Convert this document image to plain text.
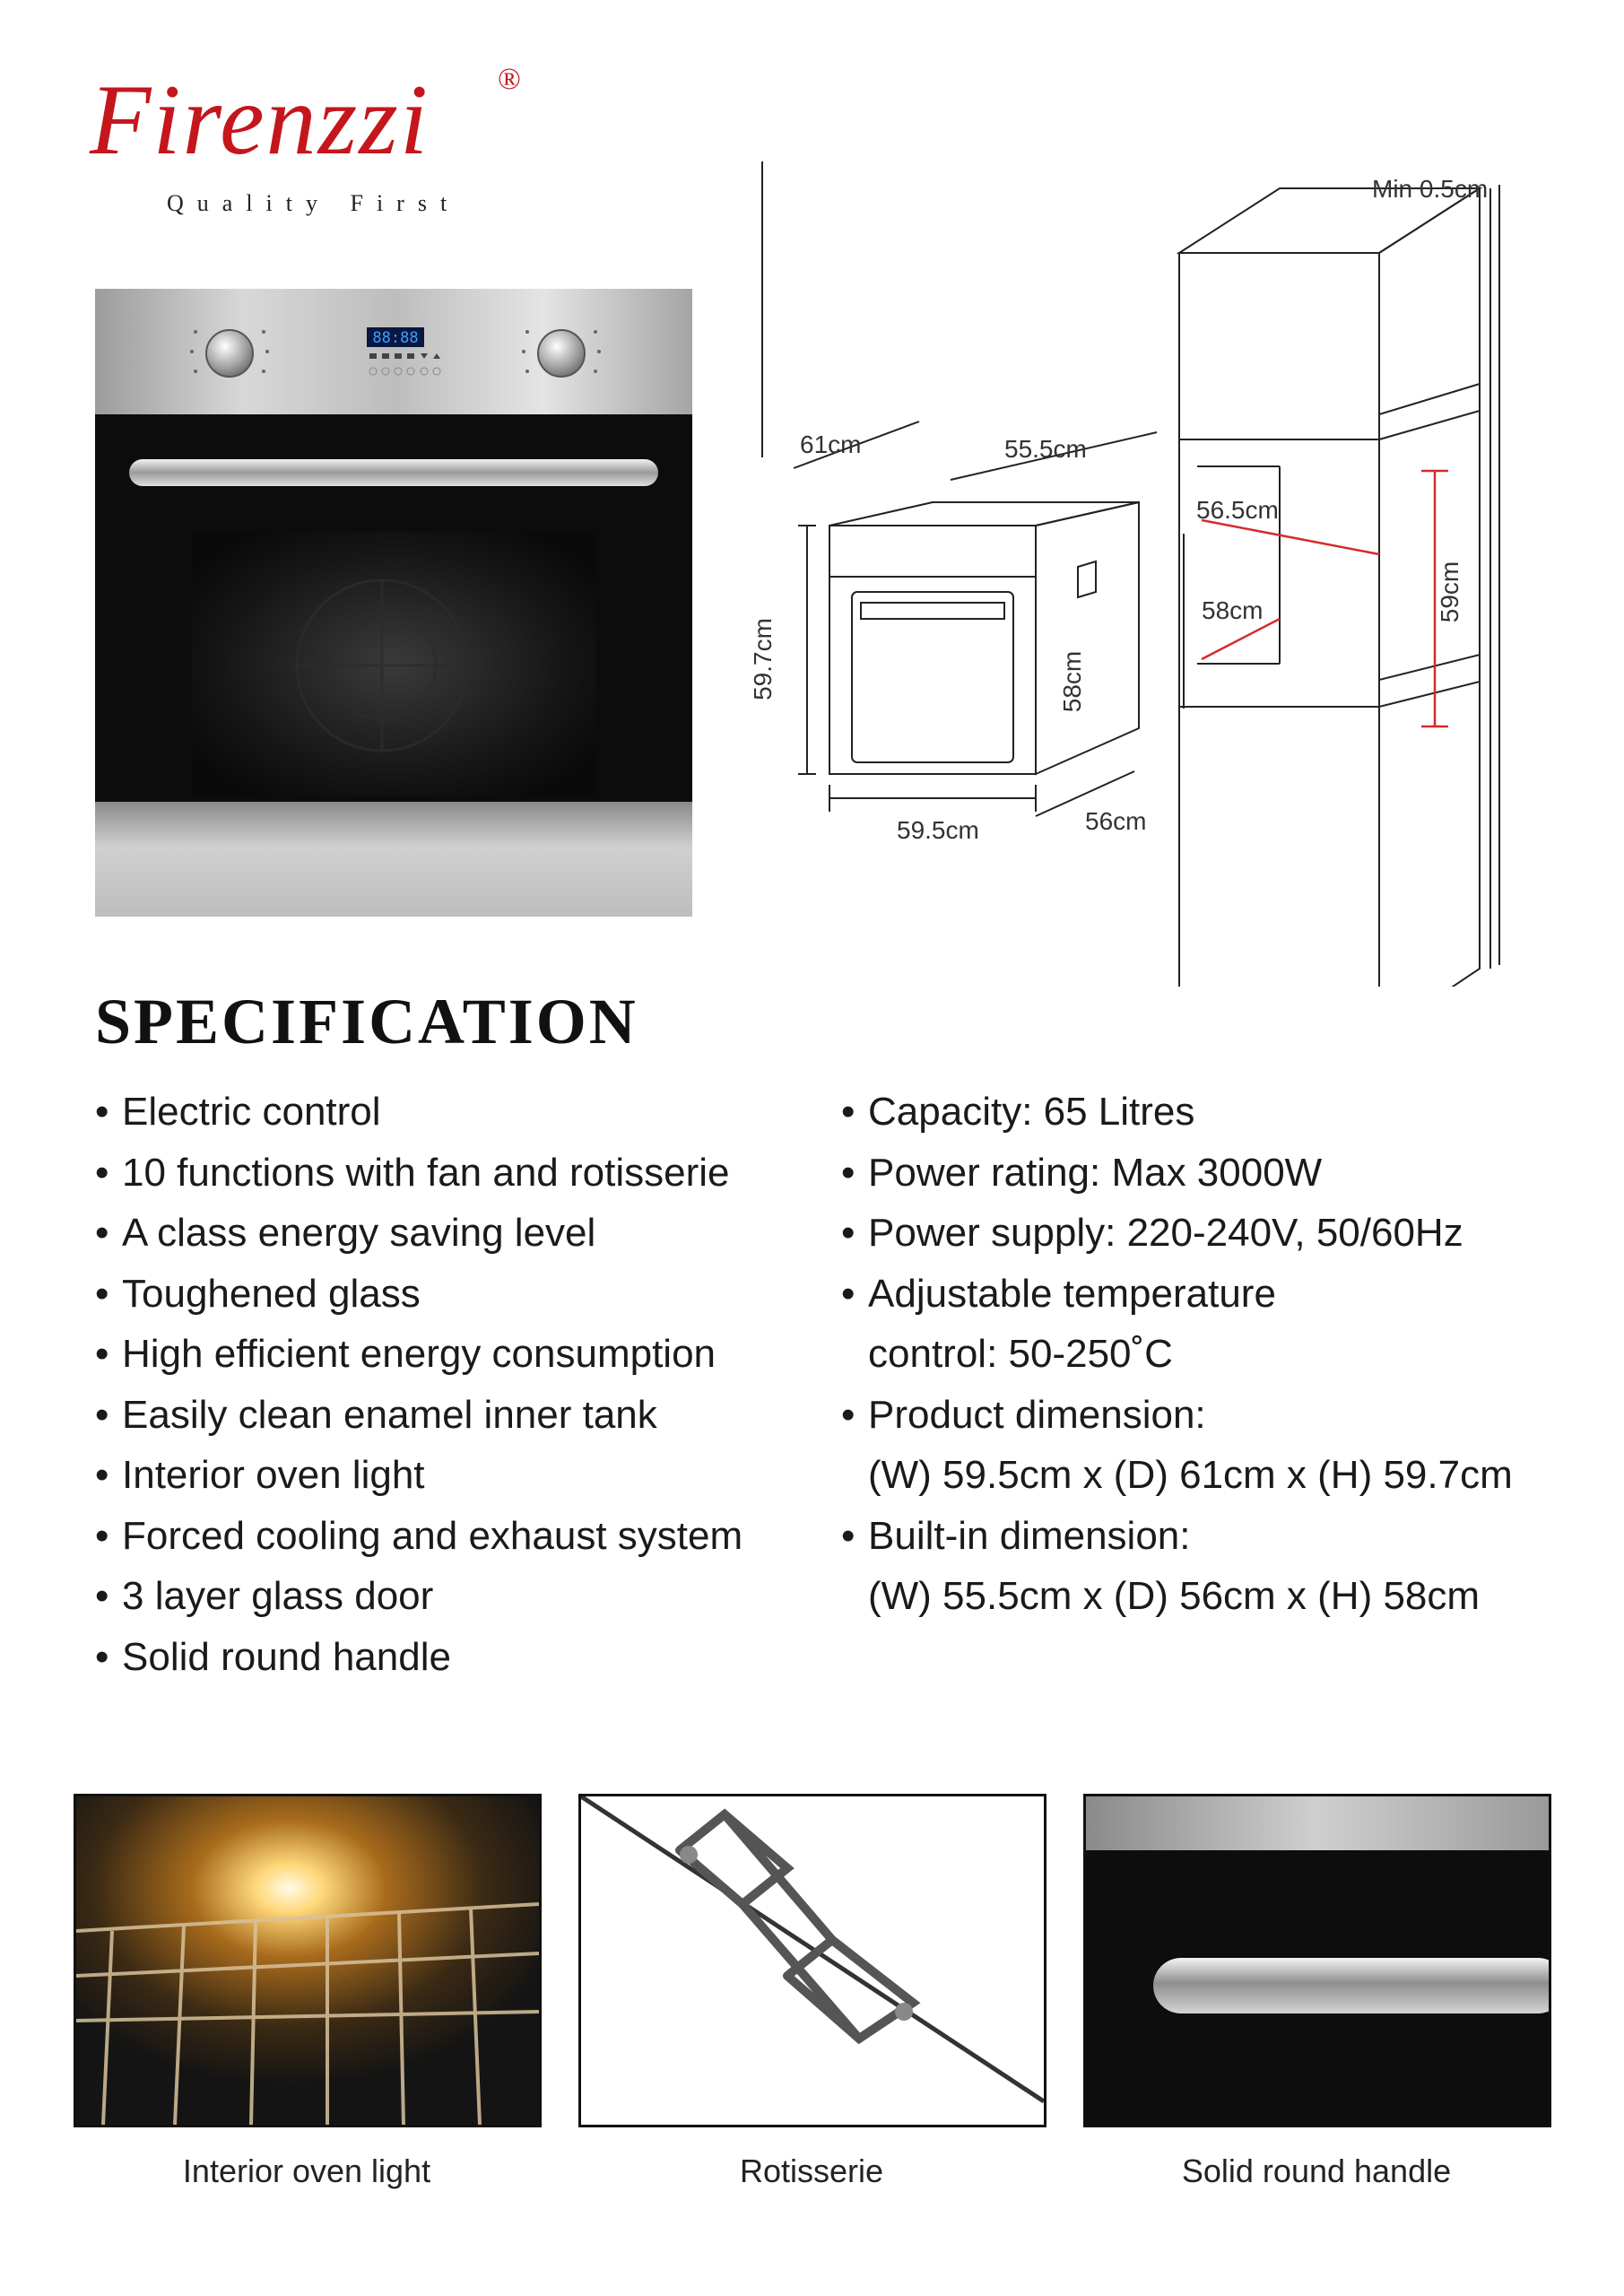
Firenzzi ®
Quality First
88:88
Min 0.5cm
61cm	55.5cm
59.7cm
59.5cm
58cm
56cm
56.5cm
58cm	59cm
SPECIFICATION
• Electric control
• 10 functions with fan and rotisserie
• A class energy saving level
• Toughened glass
• High efficient energy consumption
• Easily clean enamel inner tank
• Interior oven light
• Forced cooling and exhaust system
• 3 layer glass door
• Solid round handle
• Capacity: 65 Litres
• Power rating: Max 3000W
• Power supply: 220-240V, 50/60Hz
• Adjustable temperature
control: 50-250˚C
• Product dimension:
(W) 59.5cm x (D) 61cm x (H) 59.7cm
• Built-in dimension:
(W) 55.5cm x (D) 56cm x (H) 58cm
Interior oven light	Rotisserie	Solid round handle
